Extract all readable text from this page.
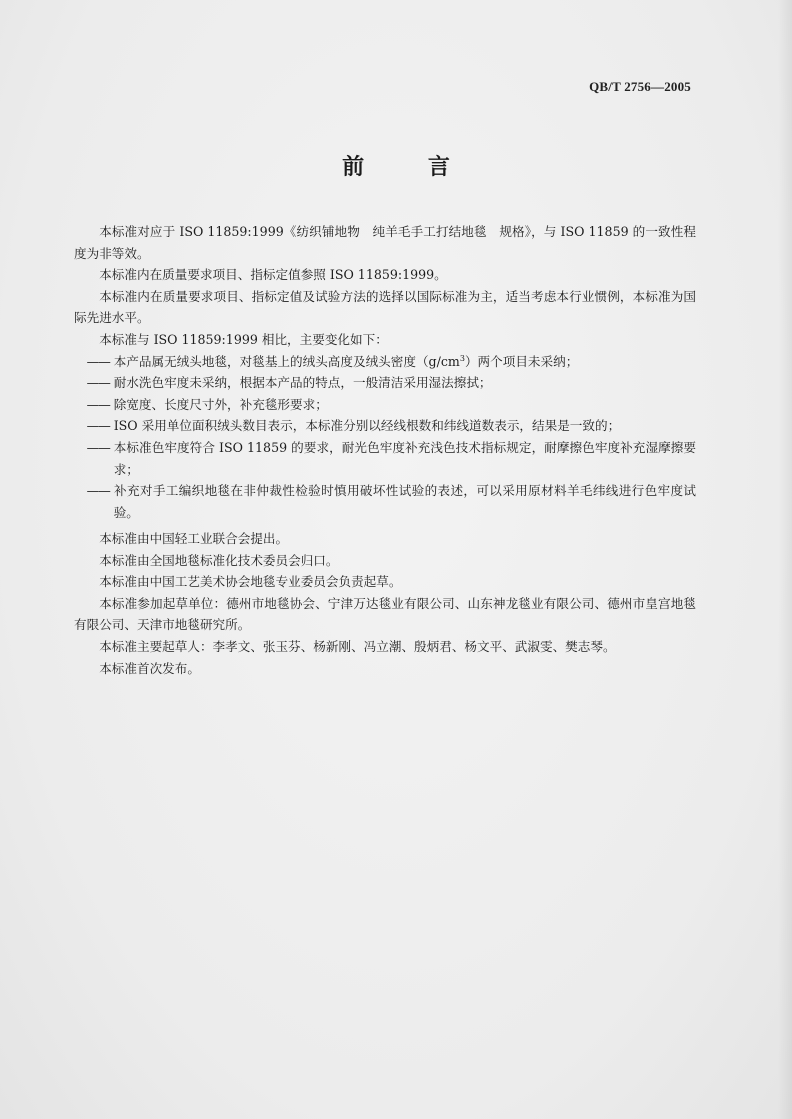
QB/T 2756—2005
前 言

本标准对应于 ISO 11859:1999《纺织铺地物　纯羊毛手工打结地毯　规格》，与 ISO 11859 的一致性程度为非等效。

本标准内在质量要求项目、指标定值参照 ISO 11859:1999。

本标准内在质量要求项目、指标定值及试验方法的选择以国际标准为主，适当考虑本行业惯例，本标准为国际先进水平。

本标准与 ISO 11859:1999 相比，主要变化如下：

—— 本产品属无绒头地毯，对毯基上的绒头高度及绒头密度$(g/cm^3)$两个项目未采纳；

—— 耐水洗色牢度未采纳，根据本产品的特点，一般清洁采用湿法擦拭；

—— 除宽度、长度尺寸外，补充毯形要求；

—— ISO 采用单位面积绒头数目表示，本标准分别以经线根数和纬线道数表示，结果是一致的；

—— 本标准色牢度符合 ISO 11859 的要求，耐光色牢度补充浅色技术指标规定，耐摩擦色牢度补充湿摩擦要求；

—— 补充对手工编织地毯在非仲裁性检验时慎用破坏性试验的表述，可以采用原材料羊毛纬线进行色牢度试验。

本标准由中国轻工业联合会提出。

本标准由全国地毯标准化技术委员会归口。

本标准由中国工艺美术协会地毯专业委员会负责起草。

本标准参加起草单位：德州市地毯协会、宁津万达毯业有限公司、山东神龙毯业有限公司、德州市皇宫地毯有限公司、天津市地毯研究所。

本标准主要起草人：李孝文、张玉芬、杨新刚、冯立潮、殷炳君、杨文平、武淑雯、樊志琴。

本标准首次发布。
